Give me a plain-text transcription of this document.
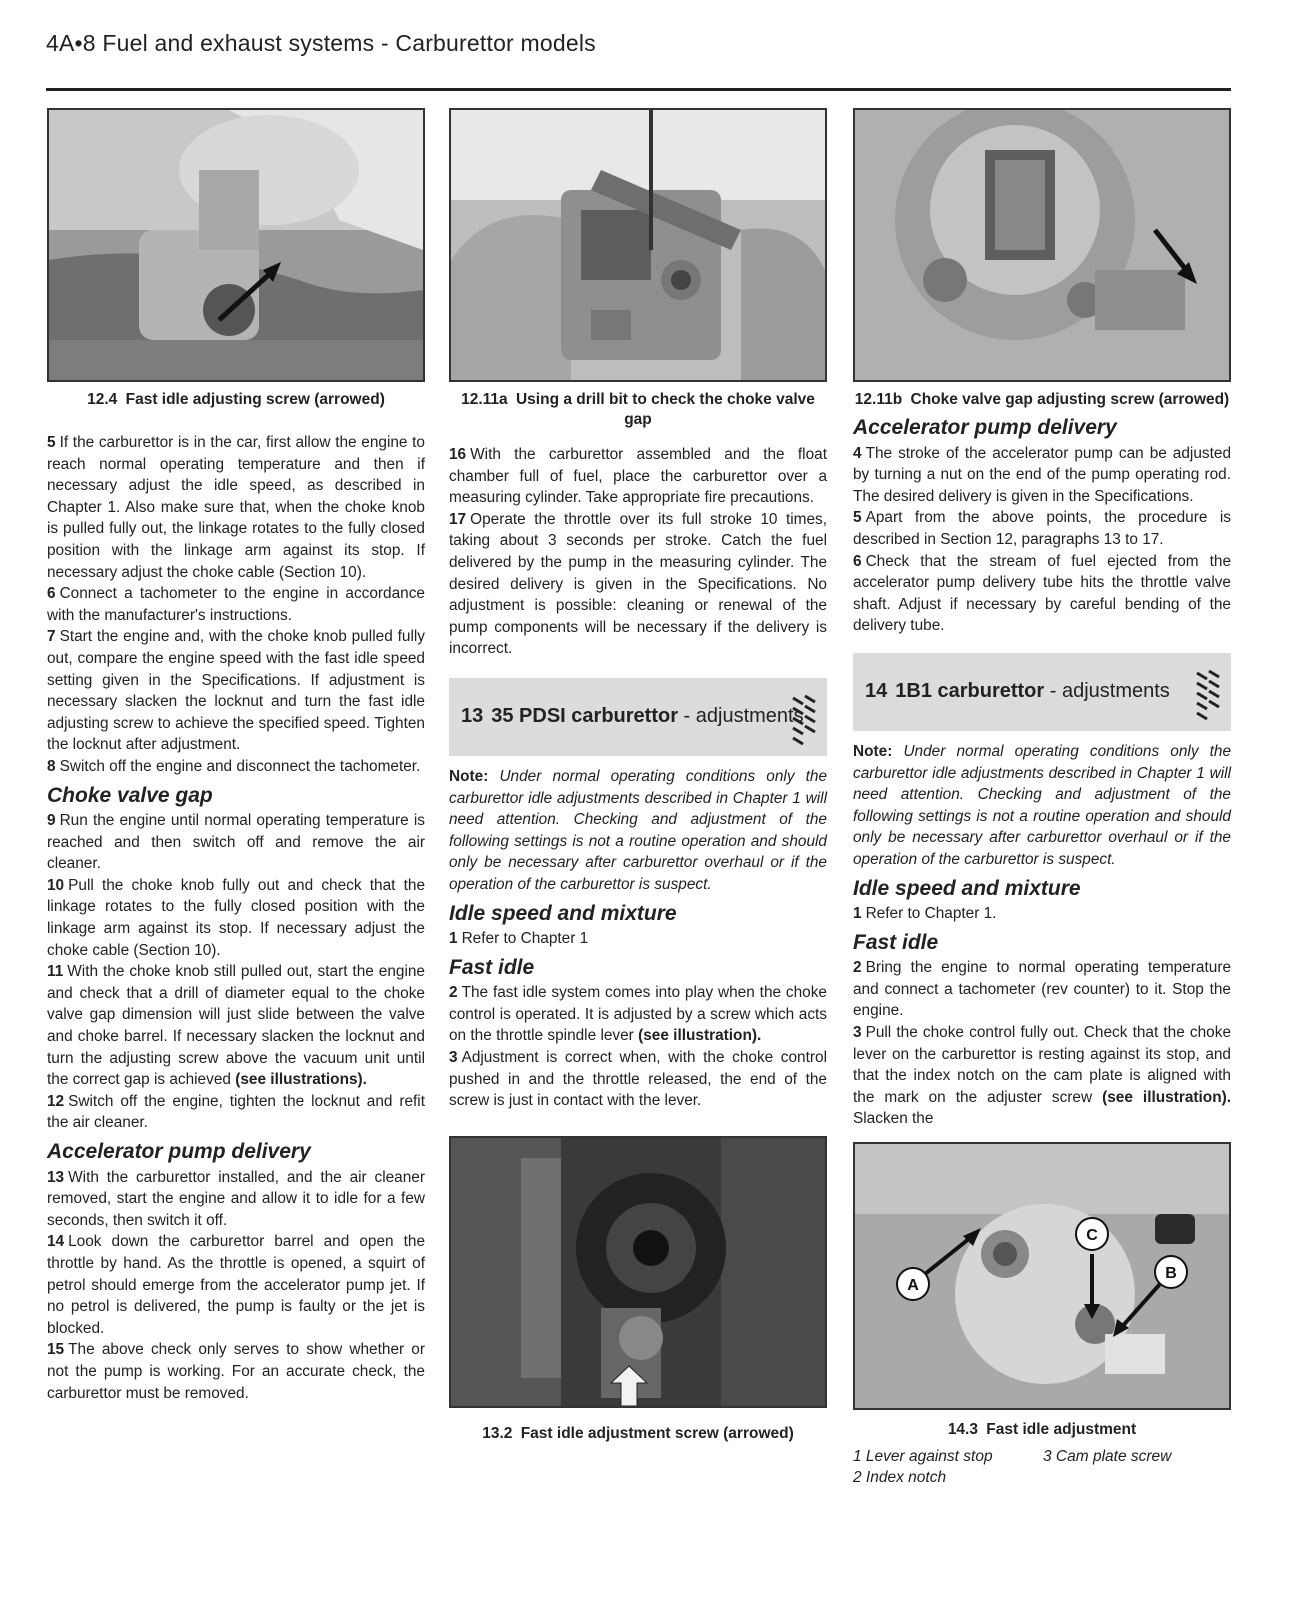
4A•8 Fuel and exhaust systems - Carburettor models

12.4 Fast idle adjusting screw (arrowed)

5 If the carburettor is in the car, first allow the engine to reach normal operating temperature and then if necessary adjust the idle speed, as described in Chapter 1. Also make sure that, when the choke knob is pulled fully out, the linkage rotates to the fully closed position with the linkage arm against its stop. If necessary adjust the choke cable (Section 10).

6 Connect a tachometer to the engine in accordance with the manufacturer's instructions.

7 Start the engine and, with the choke knob pulled fully out, compare the engine speed with the fast idle speed setting given in the Specifications. If adjustment is necessary slacken the locknut and turn the fast idle adjusting screw to achieve the specified speed. Tighten the locknut after adjustment.

8 Switch off the engine and disconnect the tachometer.

Choke valve gap

9 Run the engine until normal operating temperature is reached and then switch off and remove the air cleaner.

10 Pull the choke knob fully out and check that the linkage rotates to the fully closed position with the linkage arm against its stop. If necessary adjust the choke cable (Section 10).

11 With the choke knob still pulled out, start the engine and check that a drill of diameter equal to the choke valve gap dimension will just slide between the valve and choke barrel. If necessary slacken the locknut and turn the adjusting screw above the vacuum unit until the correct gap is achieved (see illustrations).

12 Switch off the engine, tighten the locknut and refit the air cleaner.

Accelerator pump delivery

13 With the carburettor installed, and the air cleaner removed, start the engine and allow it to idle for a few seconds, then switch it off.

14 Look down the carburettor barrel and open the throttle by hand. As the throttle is opened, a squirt of petrol should emerge from the accelerator pump jet. If no petrol is delivered, the pump is faulty or the jet is blocked.

15 The above check only serves to show whether or not the pump is working. For an accurate check, the carburettor must be removed.

12.11a Using a drill bit to check the choke valve gap

16 With the carburettor assembled and the float chamber full of fuel, place the carburettor over a measuring cylinder. Take appropriate fire precautions.

17 Operate the throttle over its full stroke 10 times, taking about 3 seconds per stroke. Catch the fuel delivered by the pump in the measuring cylinder. The desired delivery is given in the Specifications. No adjustment is possible: cleaning or renewal of the pump components will be necessary if the delivery is incorrect.

13 35 PDSI carburettor - adjustments

Note: Under normal operating conditions only the carburettor idle adjustments described in Chapter 1 will need attention. Checking and adjustment of the following settings is not a routine operation and should only be necessary after carburettor overhaul or if the operation of the carburettor is suspect.

Idle speed and mixture

1 Refer to Chapter 1

Fast idle

2 The fast idle system comes into play when the choke control is operated. It is adjusted by a screw which acts on the throttle spindle lever (see illustration).

3 Adjustment is correct when, with the choke control pushed in and the throttle released, the end of the screw is just in contact with the lever.

13.2 Fast idle adjustment screw (arrowed)

12.11b Choke valve gap adjusting screw (arrowed)

Accelerator pump delivery

4 The stroke of the accelerator pump can be adjusted by turning a nut on the end of the pump operating rod. The desired delivery is given in the Specifications.

5 Apart from the above points, the procedure is described in Section 12, paragraphs 13 to 17.

6 Check that the stream of fuel ejected from the accelerator pump delivery tube hits the throttle valve shaft. Adjust if necessary by careful bending of the delivery tube.

14 1B1 carburettor - adjustments

Note: Under normal operating conditions only the carburettor idle adjustments described in Chapter 1 will need attention. Checking and adjustment of the following settings is not a routine operation and should only be necessary after carburettor overhaul or if the operation of the carburettor is suspect.

Idle speed and mixture

1 Refer to Chapter 1.

Fast idle

2 Bring the engine to normal operating temperature and connect a tachometer (rev counter) to it. Stop the engine.

3 Pull the choke control fully out. Check that the choke lever on the carburettor is resting against its stop, and that the index notch on the cam plate is aligned with the mark on the adjuster screw (see illustration). Slacken the

A
C
B

14.3 Fast idle adjustment

1 Lever against stop	3 Cam plate screw
2 Index notch
